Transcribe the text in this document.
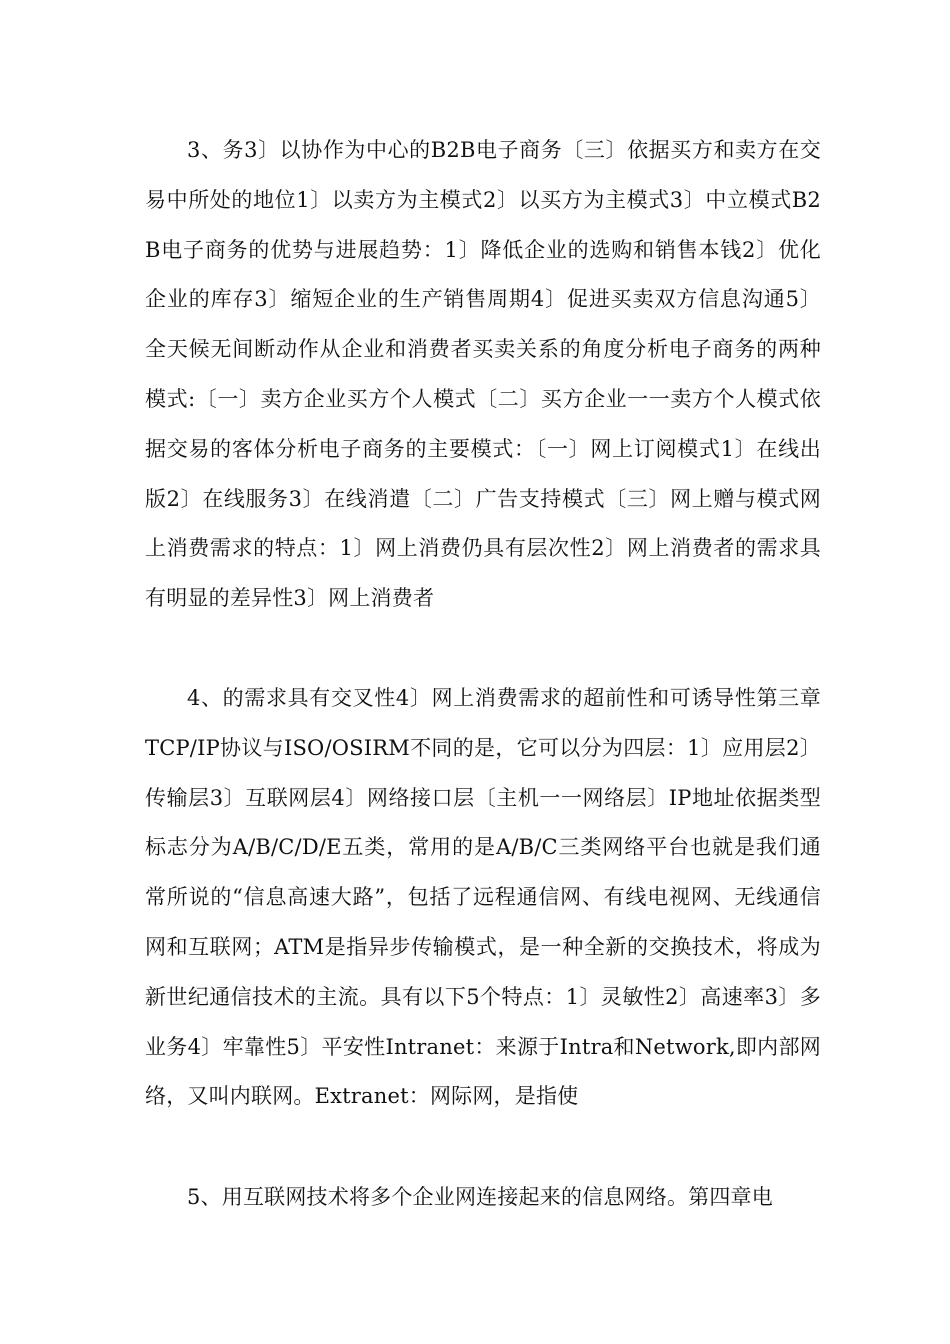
3、务3〕以协作为中心的B2B电子商务〔三〕依据买方和卖方在交易中所处的地位1〕以卖方为主模式2〕以买方为主模式3〕中立模式B2B电子商务的优势与进展趋势：1〕降低企业的选购和销售本钱2〕优化企业的库存3〕缩短企业的生产销售周期4〕促进买卖双方信息沟通5〕全天候无间断动作从企业和消费者买卖关系的角度分析电子商务的两种模式:〔一〕卖方企业买方个人模式〔二〕买方企业一一卖方个人模式依据交易的客体分析电子商务的主要模式：〔一〕网上订阅模式1〕在线出版2〕在线服务3〕在线消遣〔二〕广告支持模式〔三〕网上赠与模式网上消费需求的特点：1〕网上消费仍具有层次性2〕网上消费者的需求具有明显的差异性3〕网上消费者

4、的需求具有交叉性4〕网上消费需求的超前性和可诱导性第三章TCP/IP协议与ISO/OSIRM不同的是，它可以分为四层：1〕应用层2〕传输层3〕互联网层4〕网络接口层〔主机一一网络层〕IP地址依据类型标志分为A/B/C/D/E五类，常用的是A/B/C三类网络平台也就是我们通常所说的“信息高速大路”，包括了远程通信网、有线电视网、无线通信网和互联网；ATM是指异步传输模式，是一种全新的交换技术，将成为新世纪通信技术的主流。具有以下5个特点：1〕灵敏性2〕高速率3〕多业务4〕牢靠性5〕平安性Intranet：来源于Intra和Network,即内部网络，又叫内联网。Extranet：网际网，是指使

5、用互联网技术将多个企业网连接起来的信息网络。第四章电
